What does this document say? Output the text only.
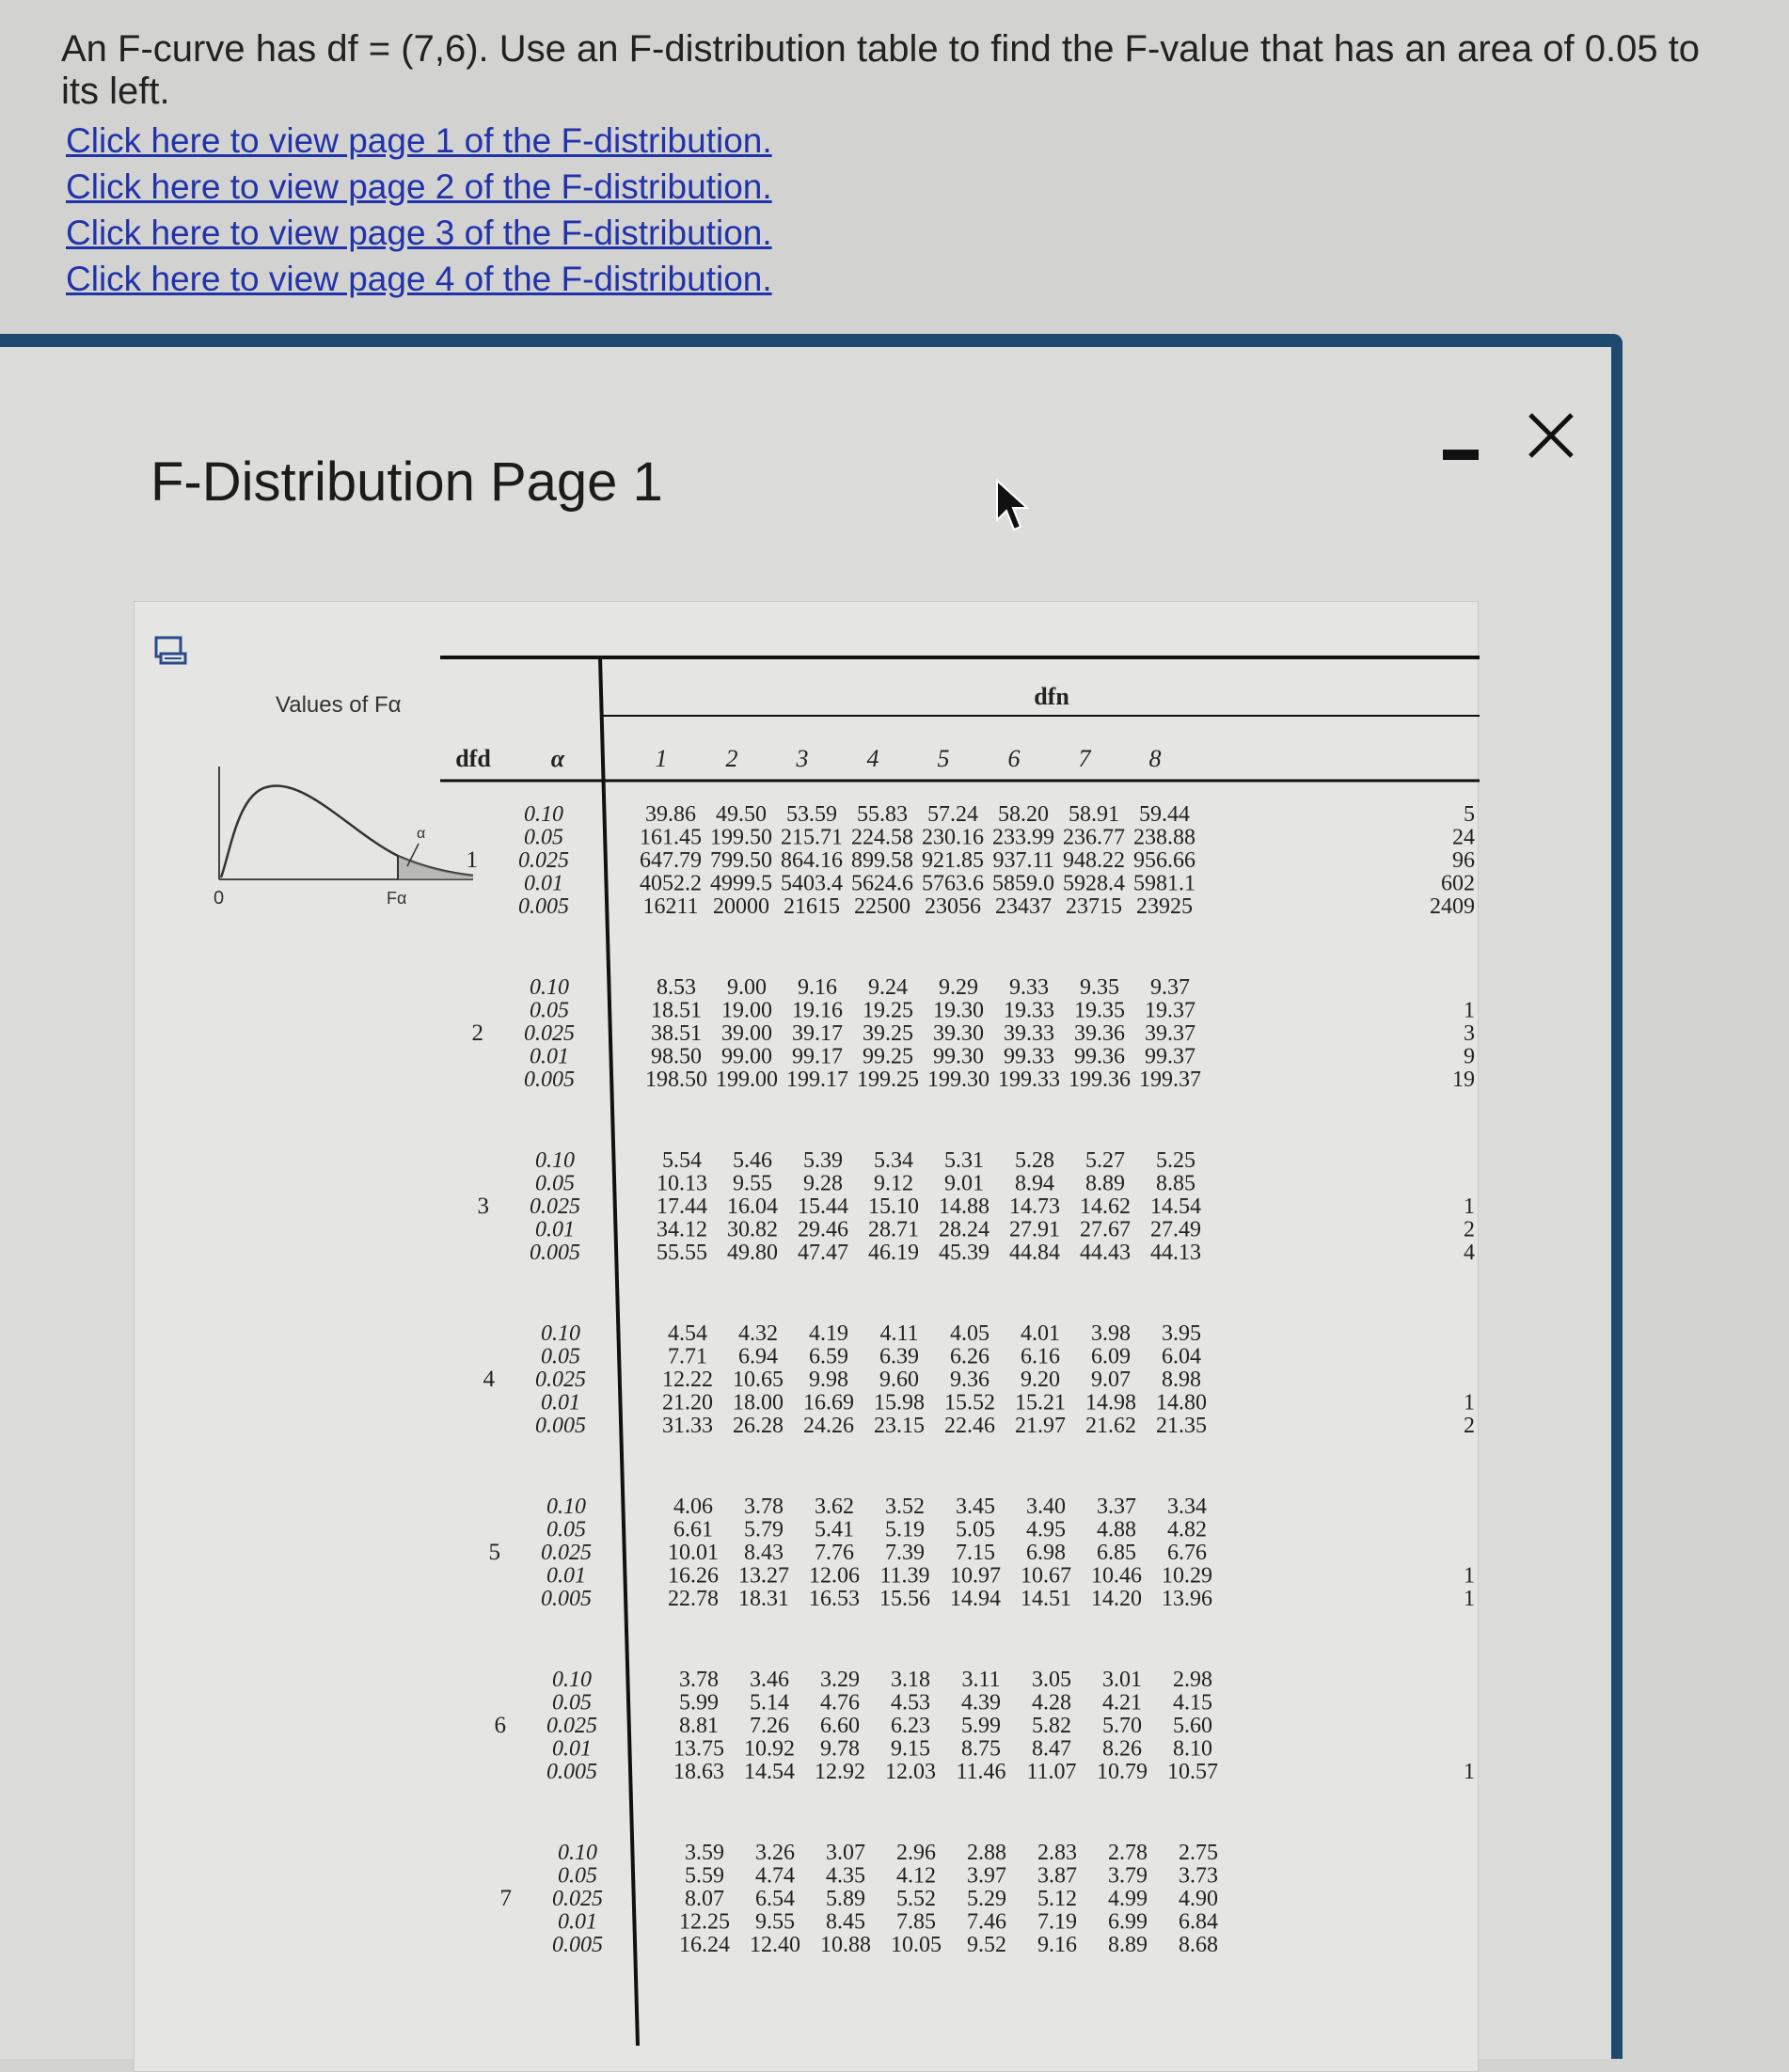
An F-curve has df = (7,6). Use an F-distribution table to find the F-value that has an area of 0.05 to its left.
Click here to view page 1 of the F-distribution.
Click here to view page 2 of the F-distribution.
Click here to view page 3 of the F-distribution.
Click here to view page 4 of the F-distribution.
F-Distribution Page 1
Values of Fα
α
0	Fα
dfn
dfd α	1 2 3 4 5 6 7 8
1
0.10	39.86 49.50 53.59 55.83 57.24 58.20 58.91 59.44	5
0.05	161.45 199.50 215.71 224.58 230.16 233.99 236.77 238.88	24
0.025	647.79 799.50 864.16 899.58 921.85 937.11 948.22 956.66	96
0.01	4052.2 4999.5 5403.4 5624.6 5763.6 5859.0 5928.4 5981.1	602
0.005	16211 20000 21615 22500 23056 23437 23715 23925	2409
2
0.10	8.53 9.00 9.16 9.24 9.29 9.33 9.35 9.37
0.05	18.51 19.00 19.16 19.25 19.30 19.33 19.35 19.37	1
0.025	38.51 39.00 39.17 39.25 39.30 39.33 39.36 39.37	3
0.01	98.50 99.00 99.17 99.25 99.30 99.33 99.36 99.37	9
0.005	198.50 199.00 199.17 199.25 199.30 199.33 199.36 199.37	19
3
0.10	5.54 5.46 5.39 5.34 5.31 5.28 5.27 5.25
0.05	10.13 9.55 9.28 9.12 9.01 8.94 8.89 8.85
0.025	17.44 16.04 15.44 15.10 14.88 14.73 14.62 14.54	1
0.01	34.12 30.82 29.46 28.71 28.24 27.91 27.67 27.49	2
0.005	55.55 49.80 47.47 46.19 45.39 44.84 44.43 44.13	4
4
0.10	4.54 4.32 4.19 4.11 4.05 4.01 3.98 3.95
0.05	7.71 6.94 6.59 6.39 6.26 6.16 6.09 6.04
0.025	12.22 10.65 9.98 9.60 9.36 9.20 9.07 8.98
0.01	21.20 18.00 16.69 15.98 15.52 15.21 14.98 14.80	1
0.005	31.33 26.28 24.26 23.15 22.46 21.97 21.62 21.35	2
5
0.10	4.06 3.78 3.62 3.52 3.45 3.40 3.37 3.34
0.05	6.61 5.79 5.41 5.19 5.05 4.95 4.88 4.82
0.025	10.01 8.43 7.76 7.39 7.15 6.98 6.85 6.76
0.01	16.26 13.27 12.06 11.39 10.97 10.67 10.46 10.29	1
0.005	22.78 18.31 16.53 15.56 14.94 14.51 14.20 13.96	1
6
0.10	3.78 3.46 3.29 3.18 3.11 3.05 3.01 2.98
0.05	5.99 5.14 4.76 4.53 4.39 4.28 4.21 4.15
0.025	8.81 7.26 6.60 6.23 5.99 5.82 5.70 5.60
0.01	13.75 10.92 9.78 9.15 8.75 8.47 8.26 8.10
0.005	18.63 14.54 12.92 12.03 11.46 11.07 10.79 10.57	1
7
0.10	3.59 3.26 3.07 2.96 2.88 2.83 2.78 2.75
0.05	5.59 4.74 4.35 4.12 3.97 3.87 3.79 3.73
0.025	8.07 6.54 5.89 5.52 5.29 5.12 4.99 4.90
0.01	12.25 9.55 8.45 7.85 7.46 7.19 6.99 6.84
0.005	16.24 12.40 10.88 10.05 9.52 9.16 8.89 8.68
